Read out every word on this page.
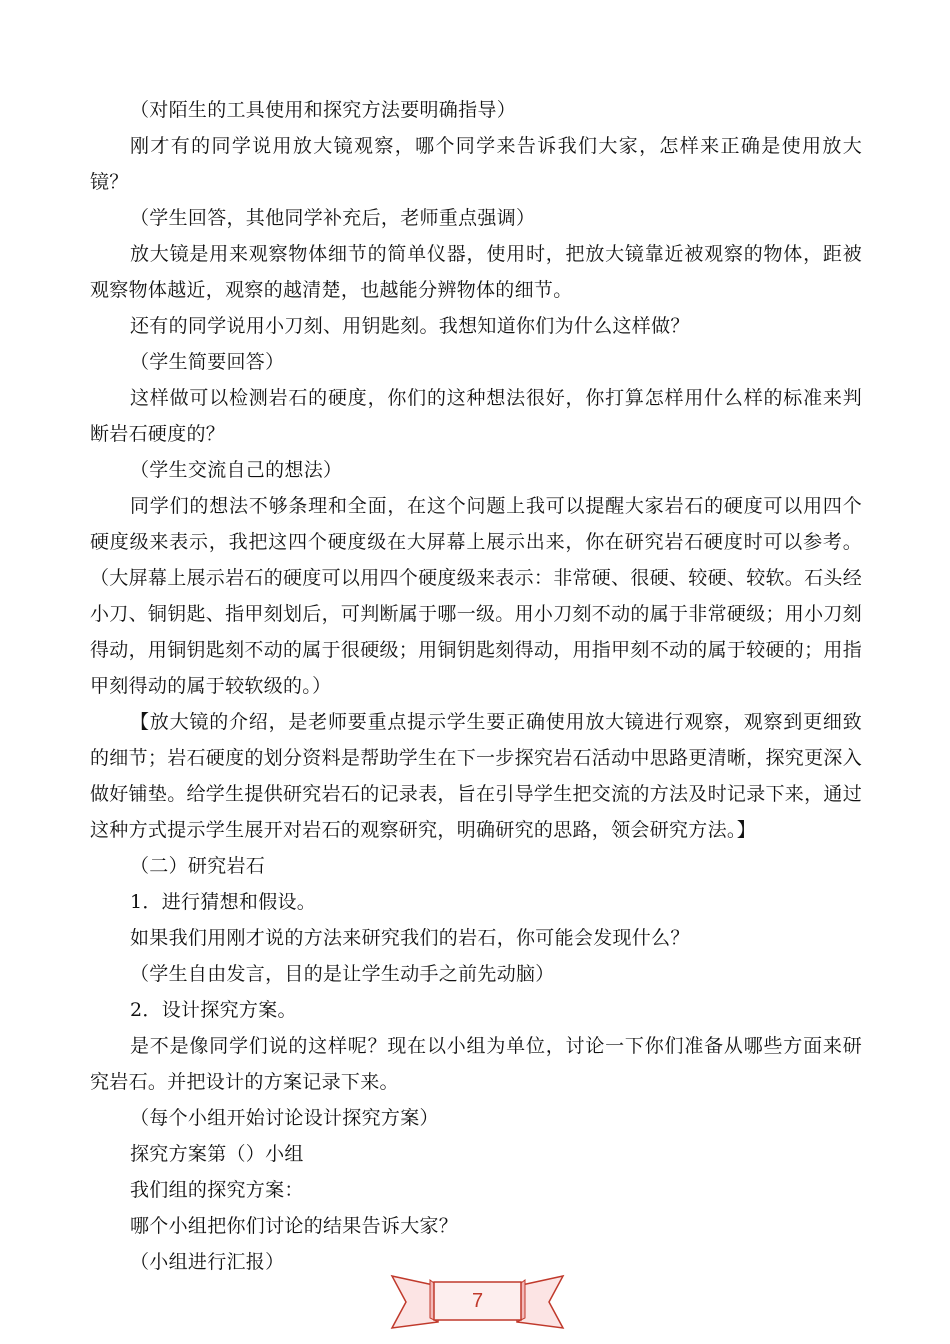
（对陌生的工具使用和探究方法要明确指导）

刚才有的同学说用放大镜观察，哪个同学来告诉我们大家，怎样来正确是使用放大镜？

（学生回答，其他同学补充后，老师重点强调）

放大镜是用来观察物体细节的简单仪器，使用时，把放大镜靠近被观察的物体，距被观察物体越近，观察的越清楚，也越能分辨物体的细节。

还有的同学说用小刀刻、用钥匙刻。我想知道你们为什么这样做？

（学生简要回答）

这样做可以检测岩石的硬度，你们的这种想法很好，你打算怎样用什么样的标准来判断岩石硬度的？

（学生交流自己的想法）

同学们的想法不够条理和全面，在这个问题上我可以提醒大家岩石的硬度可以用四个硬度级来表示，我把这四个硬度级在大屏幕上展示出来，你在研究岩石硬度时可以参考。（大屏幕上展示岩石的硬度可以用四个硬度级来表示：非常硬、很硬、较硬、较软。石头经小刀、铜钥匙、指甲刻划后，可判断属于哪一级。用小刀刻不动的属于非常硬级；用小刀刻得动，用铜钥匙刻不动的属于很硬级；用铜钥匙刻得动，用指甲刻不动的属于较硬的；用指甲刻得动的属于较软级的。）

【放大镜的介绍，是老师要重点提示学生要正确使用放大镜进行观察，观察到更细致的细节；岩石硬度的划分资料是帮助学生在下一步探究岩石活动中思路更清晰，探究更深入做好铺垫。给学生提供研究岩石的记录表，旨在引导学生把交流的方法及时记录下来，通过这种方式提示学生展开对岩石的观察研究，明确研究的思路，领会研究方法。】

（二）研究岩石

1．进行猜想和假设。

如果我们用刚才说的方法来研究我们的岩石，你可能会发现什么？

（学生自由发言，目的是让学生动手之前先动脑）

2．设计探究方案。

是不是像同学们说的这样呢？现在以小组为单位，讨论一下你们准备从哪些方面来研究岩石。并把设计的方案记录下来。

（每个小组开始讨论设计探究方案）

探究方案第（）小组

我们组的探究方案：

哪个小组把你们讨论的结果告诉大家？

（小组进行汇报）

7
